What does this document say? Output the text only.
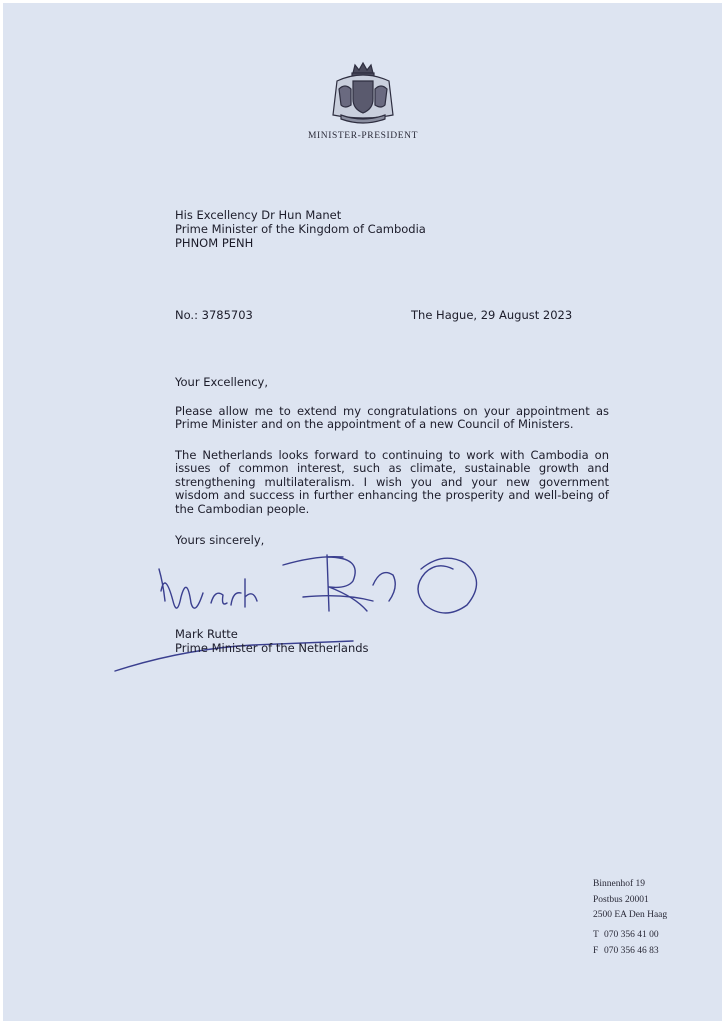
MINISTER-PRESIDENT
His Excellency Dr Hun Manet
Prime Minister of the Kingdom of Cambodia
PHNOM PENH
No.: 3785703	The Hague, 29 August 2023
Your Excellency,
Please allow me to extend my congratulations on your appointment as Prime Minister and on the appointment of a new Council of Ministers.
The Netherlands looks forward to continuing to work with Cambodia on issues of common interest, such as climate, sustainable growth and strengthening multilateralism. I wish you and your new government wisdom and success in further enhancing the prosperity and well-being of the Cambodian people.
Yours sincerely,
Mark Rutte
Prime Minister of the Netherlands
Binnenhof 19
Postbus 20001
2500 EA Den Haag
T 070 356 41 00
F 070 356 46 83
